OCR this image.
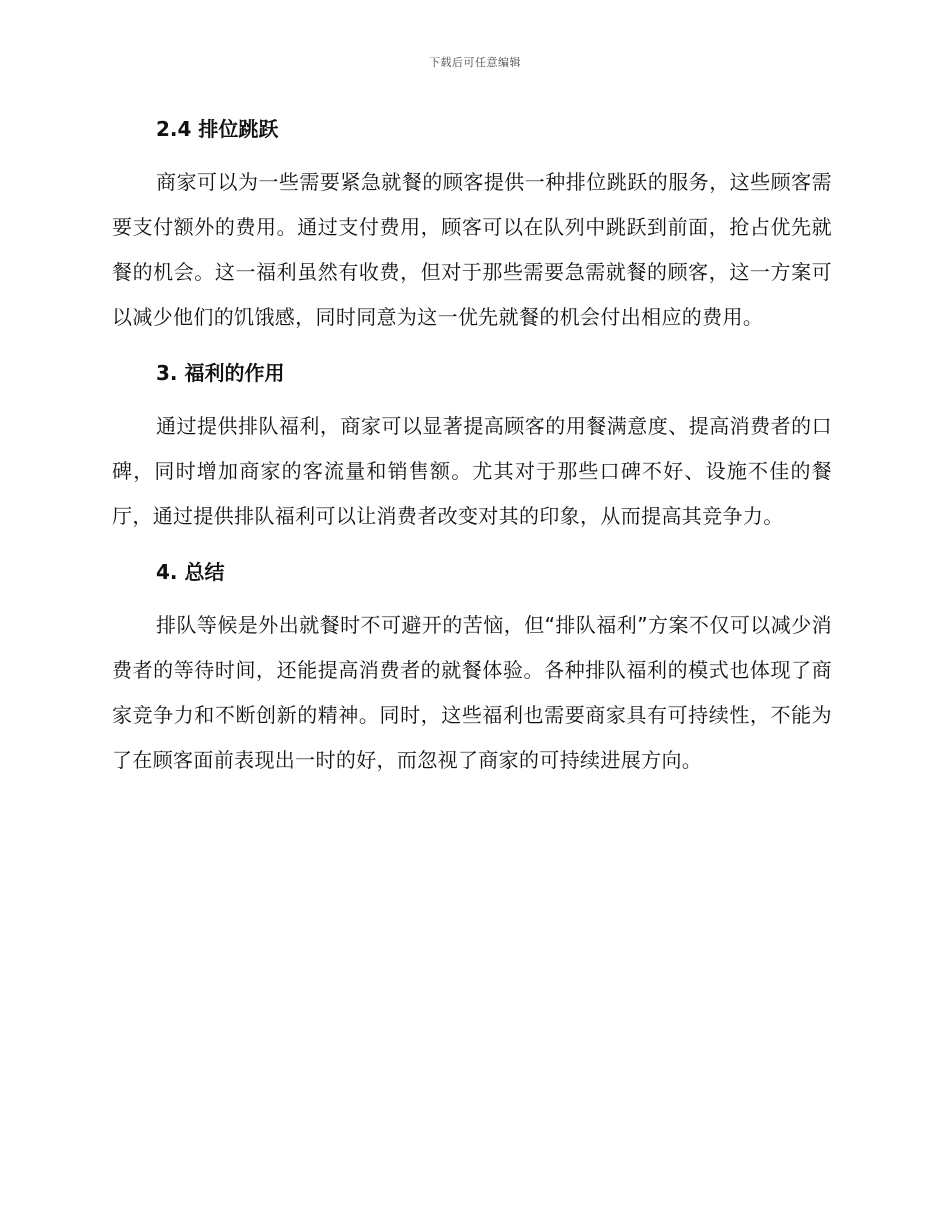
下载后可任意编辑
2.4 排位跳跃

商家可以为一些需要紧急就餐的顾客提供一种排位跳跃的服务，这些顾客需要支付额外的费用。通过支付费用，顾客可以在队列中跳跃到前面，抢占优先就餐的机会。这一福利虽然有收费，但对于那些需要急需就餐的顾客，这一方案可以减少他们的饥饿感，同时同意为这一优先就餐的机会付出相应的费用。

3. 福利的作用

通过提供排队福利，商家可以显著提高顾客的用餐满意度、提高消费者的口碑，同时增加商家的客流量和销售额。尤其对于那些口碑不好、设施不佳的餐厅，通过提供排队福利可以让消费者改变对其的印象，从而提高其竞争力。

4. 总结

排队等候是外出就餐时不可避开的苦恼，但“排队福利”方案不仅可以减少消费者的等待时间，还能提高消费者的就餐体验。各种排队福利的模式也体现了商家竞争力和不断创新的精神。同时，这些福利也需要商家具有可持续性，不能为了在顾客面前表现出一时的好，而忽视了商家的可持续进展方向。
